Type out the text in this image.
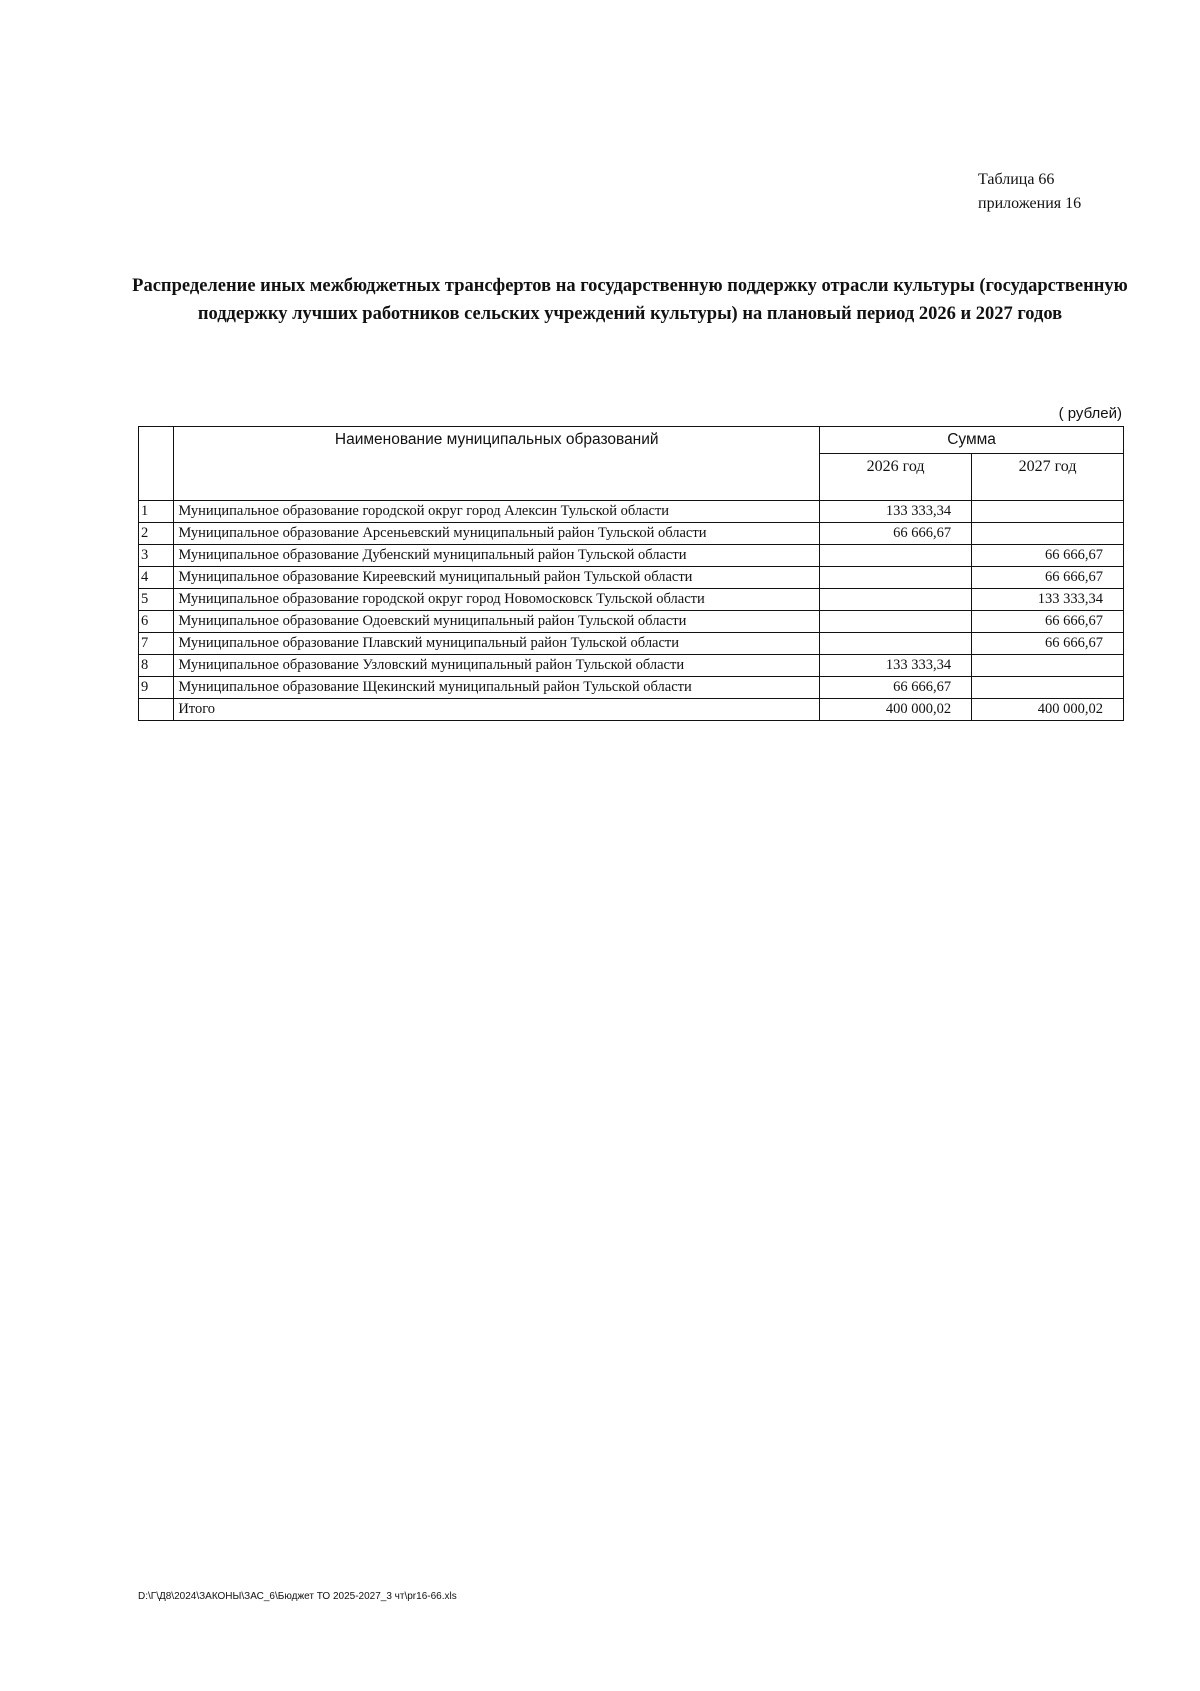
Таблица 66
приложения 16
Распределение иных межбюджетных трансфертов на государственную поддержку отрасли культуры (государственную поддержку лучших работников сельских учреждений культуры) на плановый период 2026 и 2027 годов
( рублей)
	Наименование муниципальных образований	Сумма	
		2026 год	2027 год
1	Муниципальное образование городской округ город Алексин Тульской области	133 333,34	
2	Муниципальное образование Арсеньевский муниципальный район Тульской области	66 666,67	
3	Муниципальное образование Дубенский муниципальный район Тульской области		66 666,67
4	Муниципальное образование Киреевский муниципальный район Тульской области		66 666,67
5	Муниципальное образование городской округ город Новомосковск Тульской области		133 333,34
6	Муниципальное образование Одоевский муниципальный район Тульской области		66 666,67
7	Муниципальное образование Плавский муниципальный район Тульской области		66 666,67
8	Муниципальное образование Узловский муниципальный район Тульской области	133 333,34	
9	Муниципальное образование Щекинский муниципальный район Тульской области	66 666,67	
	Итого	400 000,02	400 000,02
D:\Г\Д8\2024\ЗАКОНЫ\ЗАС_6\Бюджет ТО 2025-2027_3 чт\pr16-66.xls
